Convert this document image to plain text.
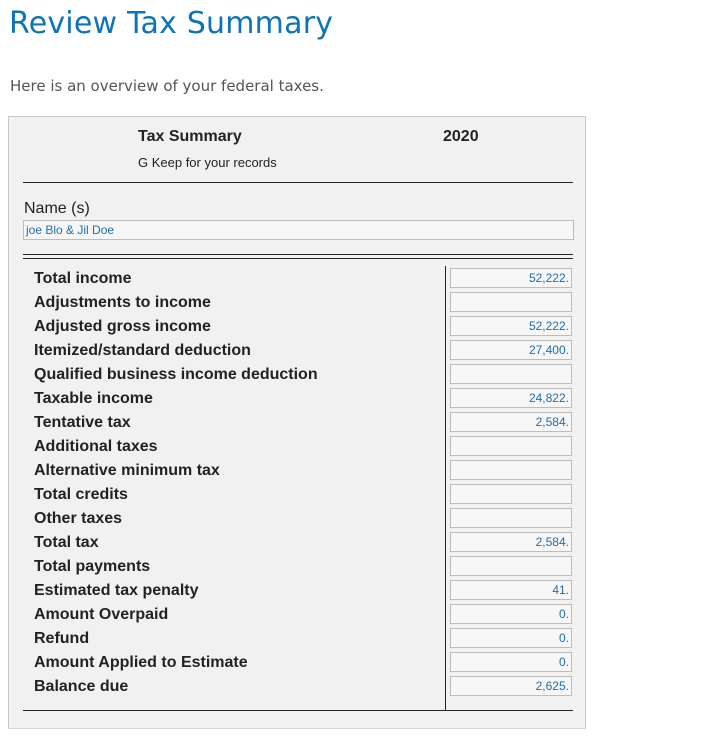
Review Tax Summary
Here is an overview of your federal taxes.
Tax Summary	2020
G Keep for your records
Name (s)
joe Blo & Jil Doe
Total income	52,222.
Adjustments to income
Adjusted gross income	52,222.
Itemized/standard deduction	27,400.
Qualified business income deduction
Taxable income	24,822.
Tentative tax	2,584.
Additional taxes
Alternative minimum tax
Total credits
Other taxes
Total tax	2,584.
Total payments
Estimated tax penalty	41.
Amount Overpaid	0.
Refund	0.
Amount Applied to Estimate	0.
Balance due	2,625.
